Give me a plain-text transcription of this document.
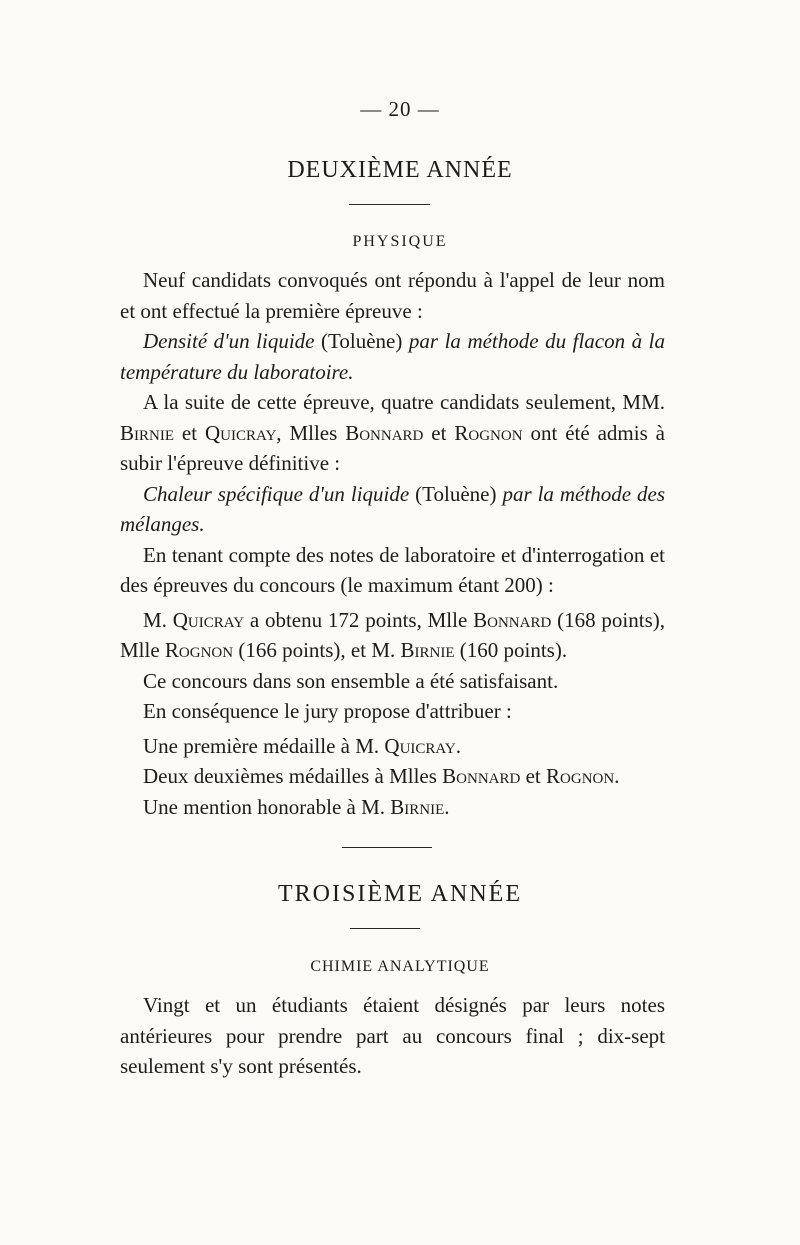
— 20 —
DEUXIÈME ANNÉE
PHYSIQUE

Neuf candidats convoqués ont répondu à l'appel de leur nom et ont effectué la première épreuve :

Densité d'un liquide (Toluène) par la méthode du flacon à la température du laboratoire.

A la suite de cette épreuve, quatre candidats seulement, MM. Birnie et Quicray, Mlles Bonnard et Rognon ont été admis à subir l'épreuve définitive :

Chaleur spécifique d'un liquide (Toluène) par la méthode des mélanges.

En tenant compte des notes de laboratoire et d'interrogation et des épreuves du concours (le maximum étant 200) :

M. Quicray a obtenu 172 points, Mlle Bonnard (168 points), Mlle Rognon (166 points), et M. Birnie (160 points).

Ce concours dans son ensemble a été satisfaisant.

En conséquence le jury propose d'attribuer :

Une première médaille à M. Quicray.

Deux deuxièmes médailles à Mlles Bonnard et Rognon.

Une mention honorable à M. Birnie.

TROISIÈME ANNÉE
CHIMIE ANALYTIQUE

Vingt et un étudiants étaient désignés par leurs notes antérieures pour prendre part au concours final ; dix-sept seulement s'y sont présentés.
